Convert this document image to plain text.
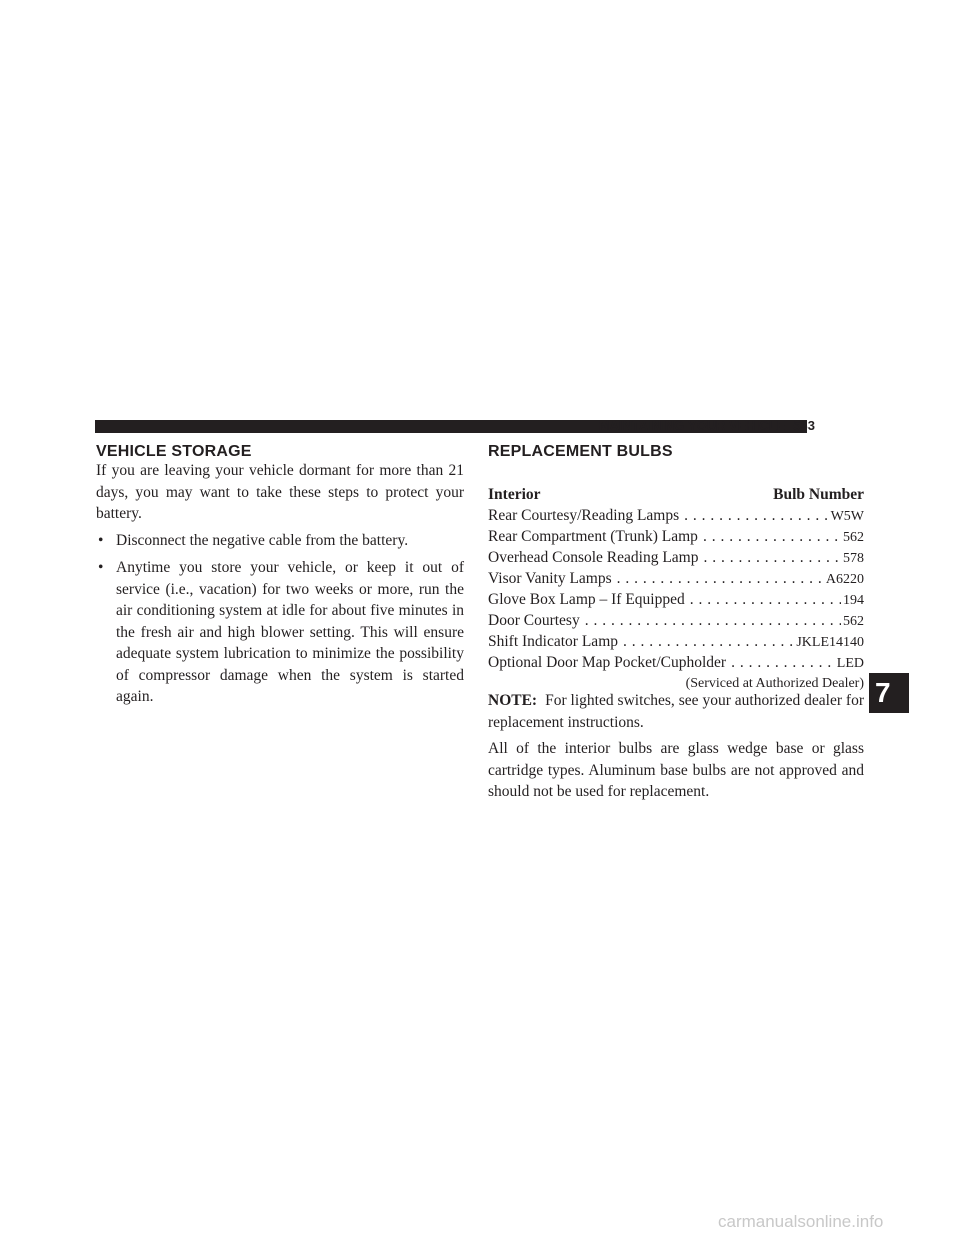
MAINTAINING YOUR VEHICLE 533
VEHICLE STORAGE
If you are leaving your vehicle dormant for more than 21 days, you may want to take these steps to protect your battery.
• Disconnect the negative cable from the battery.
• Anytime you store your vehicle, or keep it out of service (i.e., vacation) for two weeks or more, run the air conditioning system at idle for about five minutes in the fresh air and high blower setting. This will ensure adequate system lubrication to minimize the possibility of compressor damage when the system is started again.
REPLACEMENT BULBS
Interior	Bulb Number
Rear Courtesy/Reading Lamps . . .	W5W
Rear Compartment (Trunk) Lamp . . .	562
Overhead Console Reading Lamp . . .	578
Visor Vanity Lamps . . .	A6220
Glove Box Lamp – If Equipped . . .	194
Door Courtesy . . .	562
Shift Indicator Lamp . . .	JKLE14140
Optional Door Map Pocket/Cupholder . . .	LED
(Serviced at Authorized Dealer)
NOTE: For lighted switches, see your authorized dealer for replacement instructions.
All of the interior bulbs are glass wedge base or glass cartridge types. Aluminum base bulbs are not approved and should not be used for replacement.
7
carmanualsonline.info
